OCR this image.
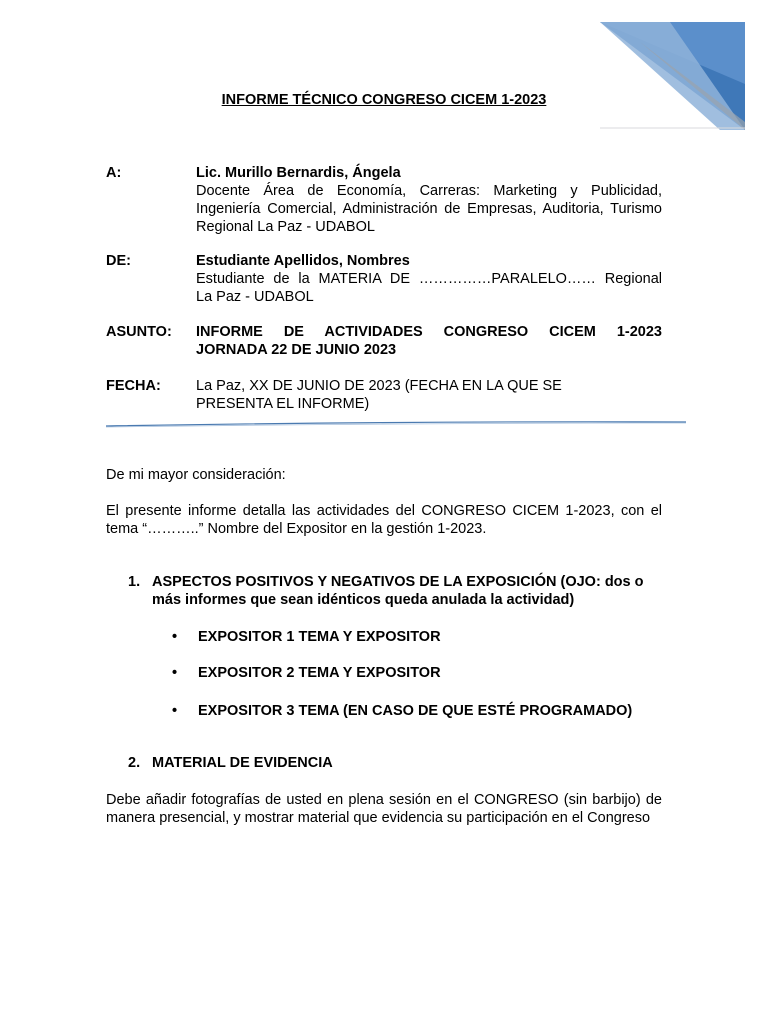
INFORME TÉCNICO CONGRESO CICEM 1-2023
A:	Lic. Murillo Bernardis, Ángela
Docente Área de Economía, Carreras: Marketing y Publicidad,
Ingeniería Comercial, Administración de Empresas, Auditoria, Turismo
Regional La Paz - UDABOL
DE:	Estudiante Apellidos, Nombres
Estudiante de la MATERIA DE ……………PARALELO…… Regional
La Paz - UDABOL
ASUNTO: INFORME DE ACTIVIDADES CONGRESO CICEM 1-2023
JORNADA 22 DE JUNIO 2023
FECHA: La Paz, XX DE JUNIO DE 2023 (FECHA EN LA QUE SE
PRESENTA EL INFORME)
De mi mayor consideración:
El presente informe detalla las actividades del CONGRESO CICEM 1-2023, con el
tema “………..” Nombre del Expositor en la gestión 1-2023.
1. ASPECTOS POSITIVOS Y NEGATIVOS DE LA EXPOSICIÓN (OJO: dos o
más informes que sean idénticos queda anulada la actividad)
• EXPOSITOR 1 TEMA Y EXPOSITOR
• EXPOSITOR 2 TEMA Y EXPOSITOR
• EXPOSITOR 3 TEMA (EN CASO DE QUE ESTÉ PROGRAMADO)
2. MATERIAL DE EVIDENCIA
Debe añadir fotografías de usted en plena sesión en el CONGRESO (sin barbijo) de
manera presencial, y mostrar material que evidencia su participación en el Congreso
